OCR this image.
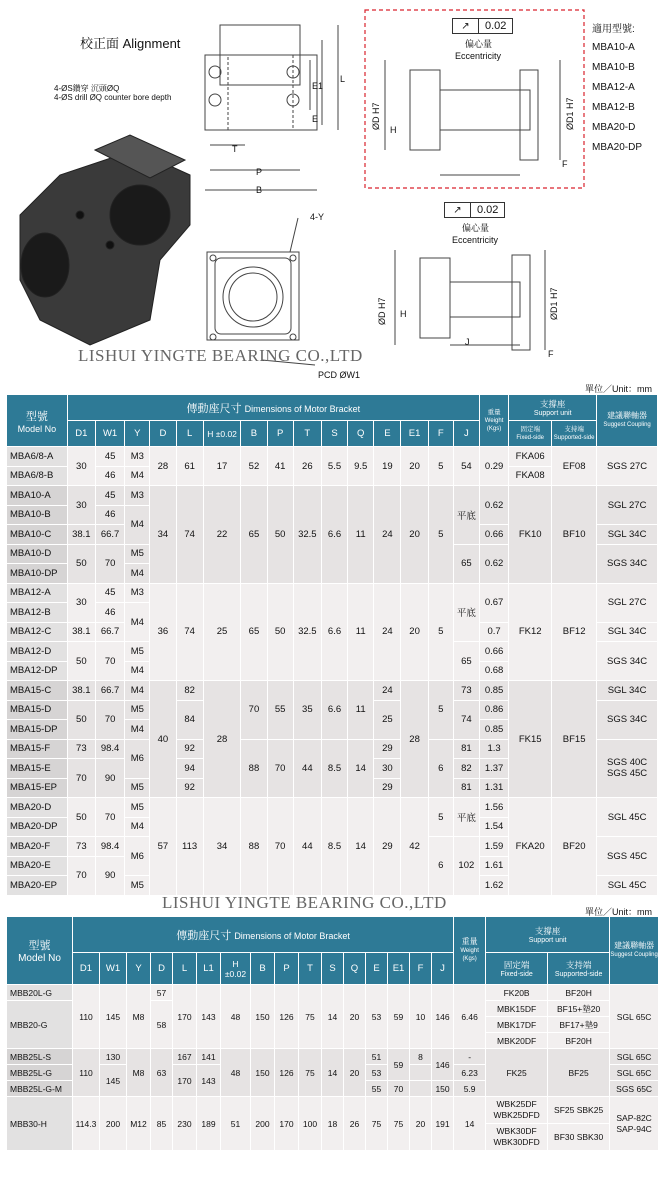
校正面 Alignment
4-ØS鑽穿 沉頭ØQ
4-ØS drill ØQ counter bore depth
L
E1
E
T
P
B
4-Y
PCD ØW1
↗	0.02
偏心量
Eccentricity
↗	0.02
偏心量
Eccentricity
ØD H7	ØD1 H7
H
F
ØD H7	ØD1 H7
H
J
F
適用型號:
MBA10-A
MBA10-B
MBA12-A
MBA12-B
MBA20-D
MBA20-DP
LISHUI YINGTE BEARING CO.,LTD
單位／Unit：mm
型號
Model No	傳動座尺寸 Dimensions of Motor Bracket															重量
Weight (Kgs)	支撐座
Support unit		建議聯軸器
Suggest Coupling

	D1	W1	Y	D	L	H ±0.02	B	P	T	S	Q	E	E1	F	J		固定端
Fixed-side	支持端
Supported-side	

MBA6/8-A	30	45	M3	28	61	17	52	41	26	5.5	9.5	19	20	5	54	0.29	FKA06	EF08	SGS 27C
MBA6/8-B		46	M4														FKA08		
MBA10-A	30	45	M3	34	74	22	65	50	32.5	6.6	11	24	20	5	平底	0.62	FK10	BF10	SGL 27C
MBA10-B		46	M4																
MBA10-C	38.1	66.7														0.66			SGL 34C
MBA10-D	50	70	M5												65	0.62			SGS 34C
MBA10-DP			M4																
MBA12-A	30	45	M3	36	74	25	65	50	32.5	6.6	11	24	20	5	平底	0.67	FK12	BF12	SGL 27C
MBA12-B		46	M4																
MBA12-C	38.1	66.7														0.7			SGL 34C
MBA12-D	50	70	M5												65	0.66			SGS 34C
MBA12-DP			M4													0.68			
MBA15-C	38.1	66.7	M4	40	82	28	70	55	35	6.6	11	24	28	5	73	0.85	FK15	BF15	SGL 34C
MBA15-D	50	70	M5		84							25			74	0.86			SGS 34C
MBA15-DP			M4													0.85			
MBA15-F	73	98.4	M6		92		88	70	44	8.5	14	29		6	81	1.3			SGS 40C SGS 45C
MBA15-E	70	90			94							30			82	1.37			
MBA15-EP			M5		92							29			81	1.31			
MBA20-D	50	70	M5	57	113	34	88	70	44	8.5	14	29	42	5	平底	1.56	FKA20	BF20	SGL 45C
MBA20-DP			M4													1.54			
MBA20-F	73	98.4	M6											6	102	1.59			SGS 45C
MBA20-E	70	90														1.61			
MBA20-EP			M5													1.62			SGL 45C
LISHUI YINGTE BEARING CO.,LTD	單位／Unit：mm
型號
Model No	傳動座尺寸 Dimensions of Motor Bracket																重量
Weight (Kgs)	支撐座
Support unit		建議聯軸器
Suggest Coupling

	D1	W1	Y	D	L	L1	H ±0.02	B	P	T	S	Q	E	E1	F	J		固定端
Fixed-side	支持端
Supported-side	

MBB20L-G	110	145	M8	57	170	143	48	150	126	75	14	20	53	59	10	146	6.46	FK20B	BF20H	SGL 65C
MBB20-G				58														MBK15DF	BF15+墊20	
																		MBK17DF	BF17+墊9	
																		MBK20DF	BF20H	
MBB25L-S	110	130	M8	63	167	141	48	150	126	75	14	20	51	59	8	146	-	FK25	BF25	SGL 65C
MBB25L-G		145			170	143							53				6.23			SGL 65C
MBB25L-G-M													55	70		150	5.9			SGS 65C
MBB30-H	114.3	200	M12	85	230	189	51	200	170	100	18	26	75	75	20	191	14	WBK25DF WBK25DFD	SF25 SBK25	SAP-82C SAP-94C
																		WBK30DF WBK30DFD	BF30 SBK30	
